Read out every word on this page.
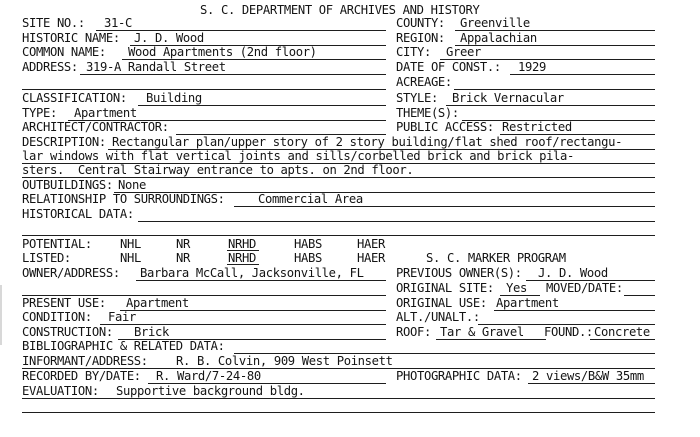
S. C. DEPARTMENT OF ARCHIVES AND HISTORY
SITE NO.: 31-C	COUNTY: Greenville
HISTORIC NAME: J. D. Wood	REGION: Appalachian
COMMON NAME: Wood Apartments (2nd floor)	CITY: Greer
ADDRESS: 319-A Randall Street	DATE OF CONST.: 1929
ACREAGE:
CLASSIFICATION: Building	STYLE: Brick Vernacular
TYPE: Apartment	THEME(S):
ARCHITECT/CONTRACTOR:	PUBLIC ACCESS: Restricted
DESCRIPTION: Rectangular plan/upper story of 2 story building/flat shed roof/rectangu-
lar windows with flat vertical joints and sills/corbelled brick and brick pila-
sters.  Central Stairway entrance to apts. on 2nd floor.
OUTBUILDINGS: None
RELATIONSHIP TO SURROUNDINGS:	Commercial Area
HISTORICAL DATA:
POTENTIAL: NHL	NR	NRHD	HABS	HAER
LISTED:	NHL	NR	NRHD	HABS	HAER	S. C. MARKER PROGRAM
OWNER/ADDRESS: Barbara McCall, Jacksonville, FL	PREVIOUS OWNER(S): J. D. Wood
ORIGINAL SITE: Yes MOVED/DATE:
PRESENT USE: Apartment	ORIGINAL USE: Apartment
CONDITION: Fair	ALT./UNALT.:
CONSTRUCTION: Brick	ROOF: Tar & Gravel FOUND.: Concrete
BIBLIOGRAPHIC & RELATED DATA:
INFORMANT/ADDRESS: R. B. Colvin, 909 West Poinsett
RECORDED BY/DATE: R. Ward/7-24-80	PHOTOGRAPHIC DATA: 2 views/B&W 35mm
EVALUATION: Supportive background bldg.
